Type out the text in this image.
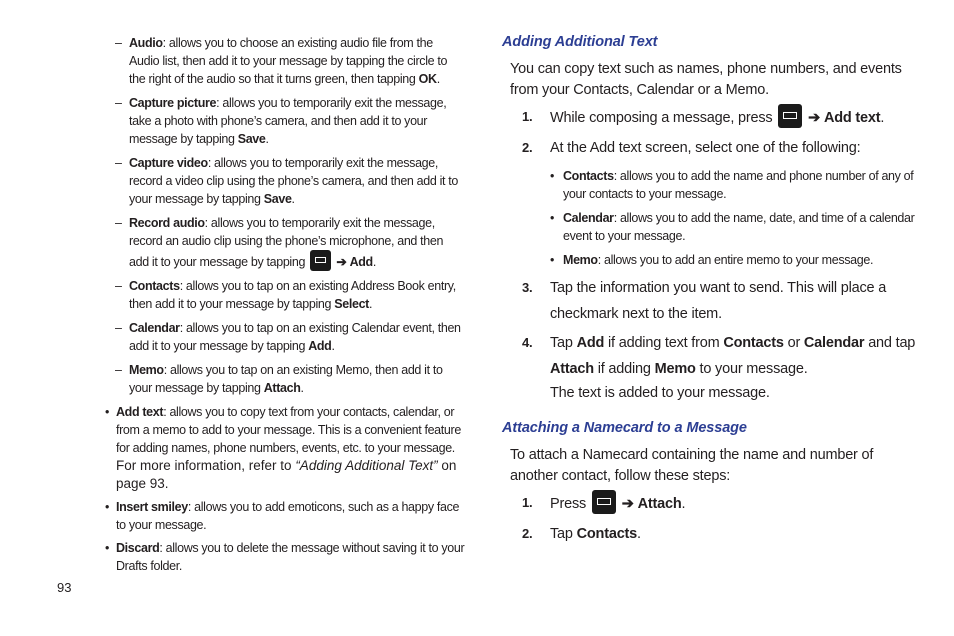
– Audio: allows you to choose an existing audio file from the Audio list, then add it to your message by tapping the circle to the right of the audio so that it turns green, then tapping OK.
– Capture picture: allows you to temporarily exit the message, take a photo with phone’s camera, and then add it to your message by tapping Save.
– Capture video: allows you to temporarily exit the message, record a video clip using the phone’s camera, and then add it to your message by tapping Save.
– Record audio: allows you to temporarily exit the message, record an audio clip using the phone’s microphone, and then add it to your message by tapping  ➔ Add.
– Contacts: allows you to tap on an existing Address Book entry, then add it to your message by tapping Select.
– Calendar: allows you to tap on an existing Calendar event, then add it to your message by tapping Add.
– Memo: allows you to tap on an existing Memo, then add it to your message by tapping Attach.
• Add text: allows you to copy text from your contacts, calendar, or from a memo to add to your message. This is a convenient feature for adding names, phone numbers, events, etc. to your message. For more information, refer to “Adding Additional Text” on page 93.
• Insert smiley: allows you to add emoticons, such as a happy face to your message.
• Discard: allows you to delete the message without saving it to your Drafts folder.
Adding Additional Text
You can copy text such as names, phone numbers, and events from your Contacts, Calendar or a Memo.
1. While composing a message, press ➔ Add text.
2. At the Add text screen, select one of the following:
• Contacts: allows you to add the name and phone number of any of your contacts to your message.
• Calendar: allows you to add the name, date, and time of a calendar event to your message.
• Memo: allows you to add an entire memo to your message.
3. Tap the information you want to send. This will place a checkmark next to the item.
4. Tap Add if adding text from Contacts or Calendar and tap Attach if adding Memo to your message.
The text is added to your message.
Attaching a Namecard to a Message
To attach a Namecard containing the name and number of another contact, follow these steps:
1. Press ➔ Attach.
2. Tap Contacts.
93
